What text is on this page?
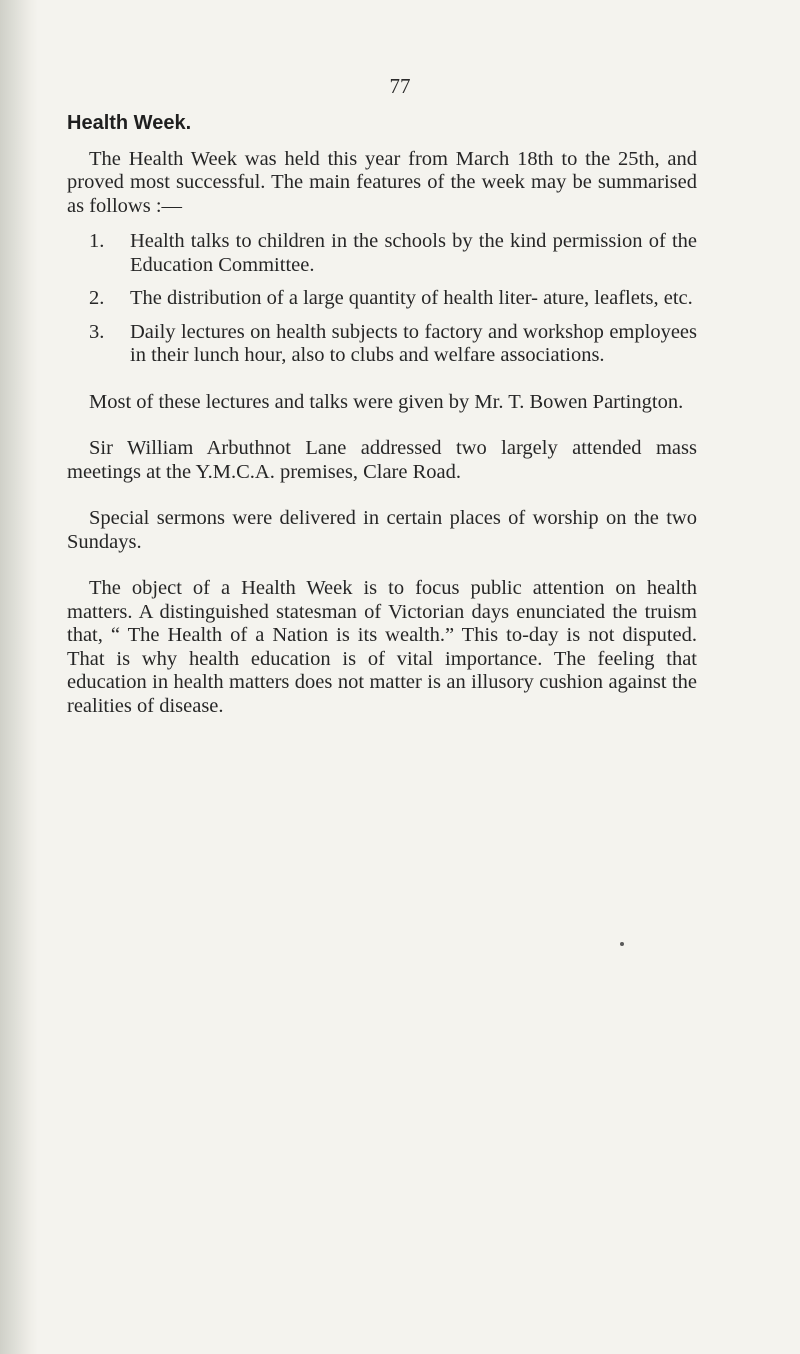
77
Health Week.

The Health Week was held this year from March 18th to the 25th, and proved most successful. The main features of the week may be summarised as follows :—

1. Health talks to children in the schools by the kind permission of the Education Committee.
2. The distribution of a large quantity of health liter- ature, leaflets, etc.
3. Daily lectures on health subjects to factory and workshop employees in their lunch hour, also to clubs and welfare associations.

Most of these lectures and talks were given by Mr. T. Bowen Partington.

Sir William Arbuthnot Lane addressed two largely attended mass meetings at the Y.M.C.A. premises, Clare Road.

Special sermons were delivered in certain places of worship on the two Sundays.

The object of a Health Week is to focus public attention on health matters. A distinguished statesman of Victorian days enunciated the truism that, “ The Health of a Nation is its wealth.” This to-day is not disputed. That is why health education is of vital importance. The feeling that education in health matters does not matter is an illusory cushion against the realities of disease.
